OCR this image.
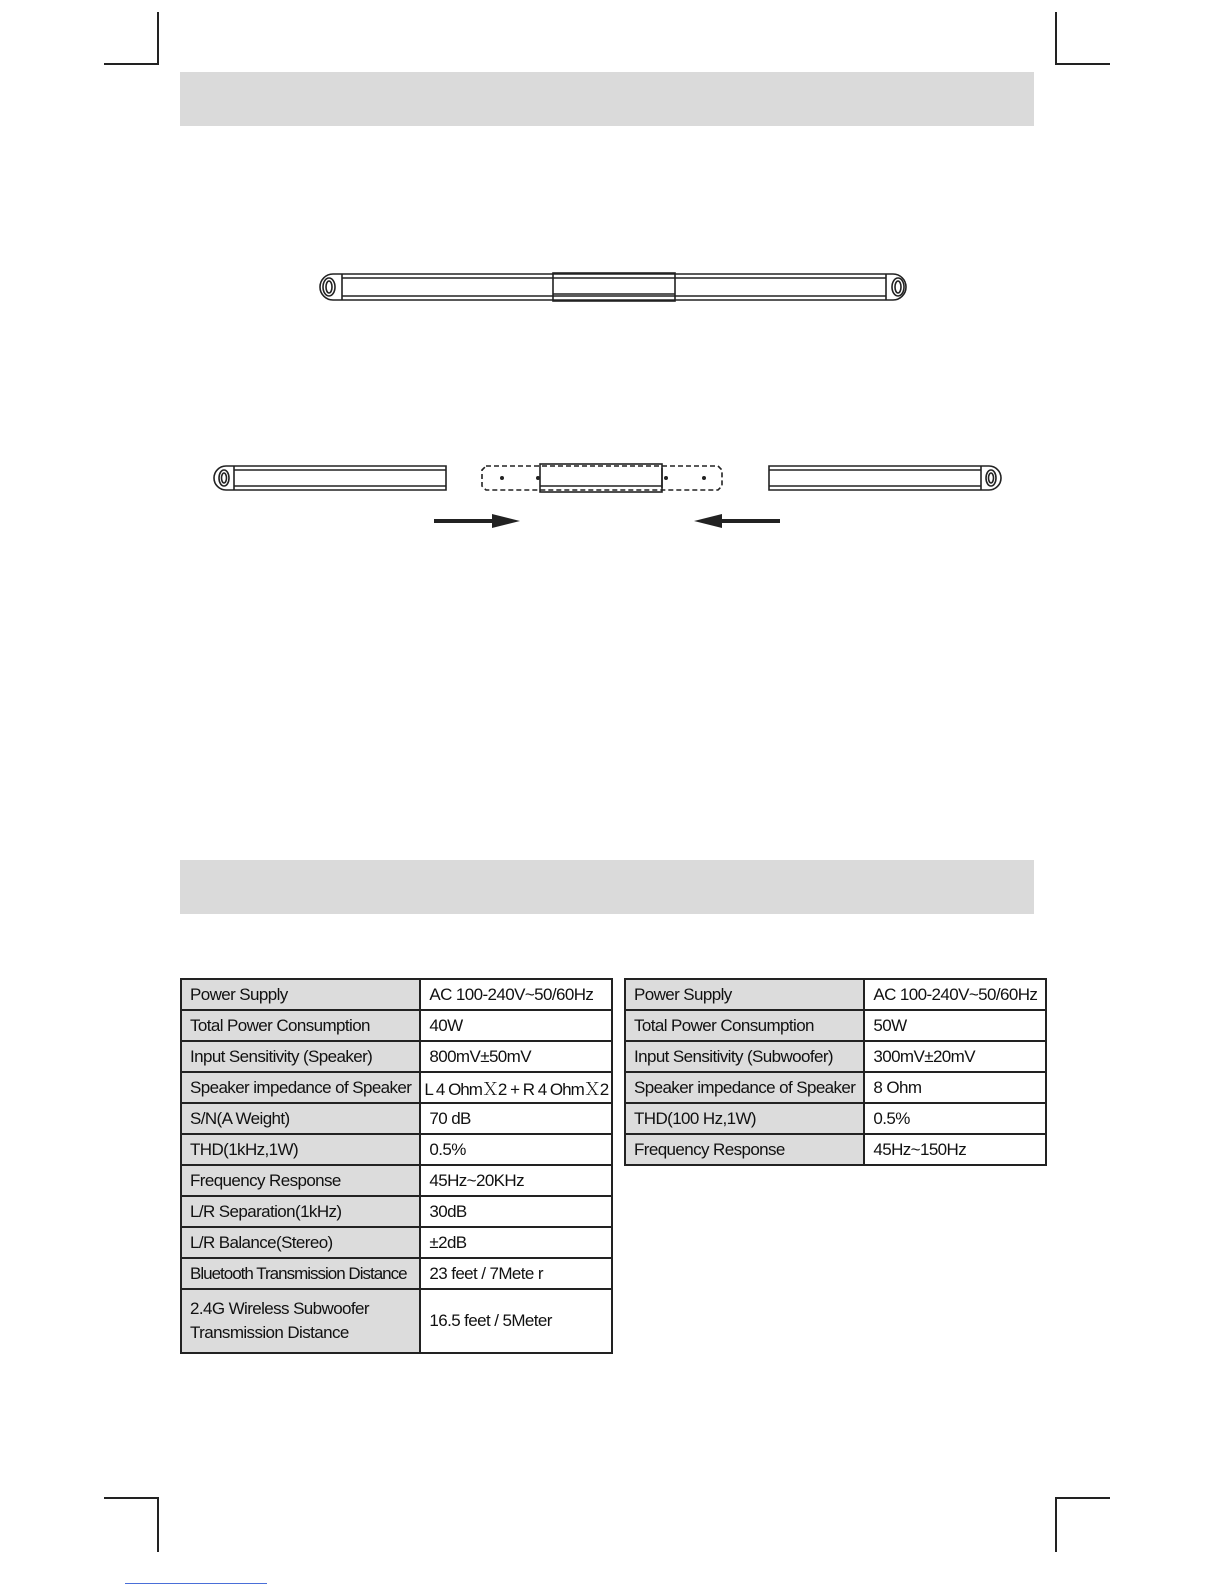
Power Supply	AC 100-240V~50/60Hz
Total Power Consumption	40W
Input Sensitivity (Speaker)	800mV±50mV
Speaker impedance of Speaker	L 4 OhmＸ2 + R 4 OhmＸ2
S/N(A Weight)	70 dB
THD(1kHz,1W)	0.5%
Frequency Response	45Hz~20KHz
L/R Separation(1kHz)	30dB
L/R Balance(Stereo)	±2dB
Bluetooth Transmission Distance	23 feet / 7Mete r

2.4G Wireless Subwoofer
Transmission Distance	16.5 feet / 5Meter
Power Supply	AC 100-240V~50/60Hz
Total Power Consumption	50W
Input Sensitivity (Subwoofer)	300mV±20mV
Speaker impedance of Speaker	8 Ohm
THD(100 Hz,1W)	0.5%
Frequency Response	45Hz~150Hz
